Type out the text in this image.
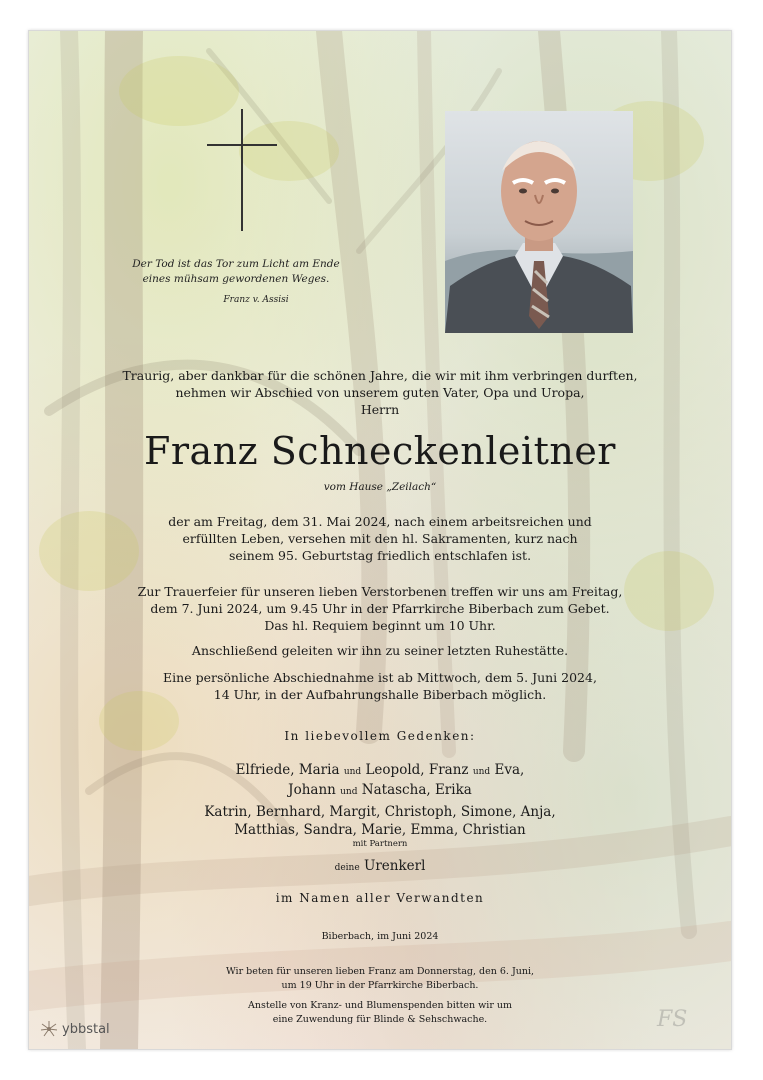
Der Tod ist das Tor zum Licht am Ende
eines mühsam gewordenen Weges.
Franz v. Assisi
Traurig, aber dankbar für die schönen Jahre, die wir mit ihm verbringen durften,
nehmen wir Abschied von unserem guten Vater, Opa und Uropa,
Herrn
Franz Schneckenleitner
vom Hause „Zeilach“
der am Freitag, dem 31. Mai 2024, nach einem arbeitsreichen und
erfüllten Leben, versehen mit den hl. Sakramenten, kurz nach
seinem 95. Geburtstag friedlich entschlafen ist.
Zur Trauerfeier für unseren lieben Verstorbenen treffen wir uns am Freitag,
dem 7. Juni 2024, um 9.45 Uhr in der Pfarrkirche Biberbach zum Gebet.
Das hl. Requiem beginnt um 10 Uhr.
Anschließend geleiten wir ihn zu seiner letzten Ruhestätte.
Eine persönliche Abschiednahme ist ab Mittwoch, dem 5. Juni 2024,
14 Uhr, in der Aufbahrungshalle Biberbach möglich.
In liebevollem Gedenken:
Elfriede, Maria und Leopold, Franz und Eva,
Johann und Natascha, Erika
Katrin, Bernhard, Margit, Christoph, Simone, Anja,
Matthias, Sandra, Marie, Emma, Christian
mit Partnern
deine Urenkerl
im Namen aller Verwandten
Biberbach, im Juni 2024
Wir beten für unseren lieben Franz am Donnerstag, den 6. Juni,
um 19 Uhr in der Pfarrkirche Biberbach.
Anstelle von Kranz- und Blumenspenden bitten wir um
eine Zuwendung für Blinde & Sehschwache.
ybbstal	FS
